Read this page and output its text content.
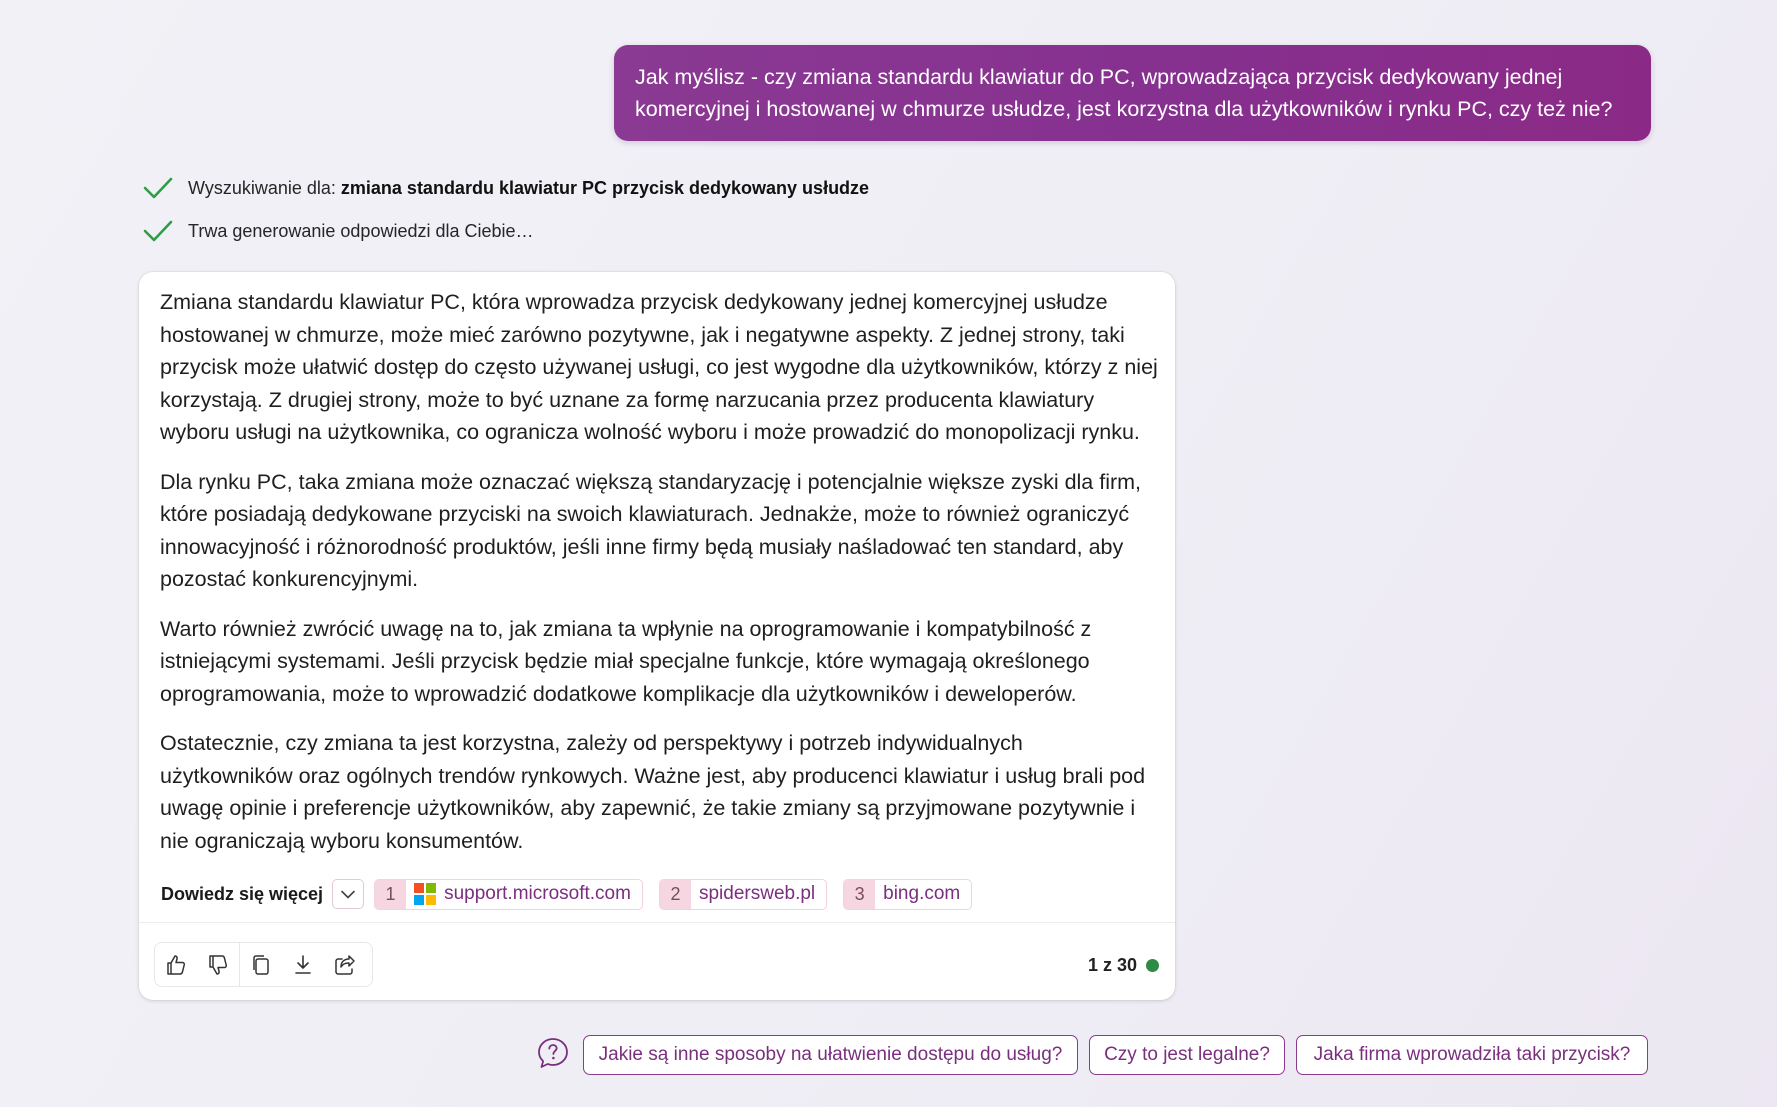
Jak myślisz - czy zmiana standardu klawiatur do PC, wprowadzająca przycisk dedykowany jednej komercyjnej i hostowanej w chmurze usłudze, jest korzystna dla użytkowników i rynku PC, czy też nie?
Wyszukiwanie dla: zmiana standardu klawiatur PC przycisk dedykowany usłudze
Trwa generowanie odpowiedzi dla Ciebie…

Zmiana standardu klawiatur PC, która wprowadza przycisk dedykowany jednej komercyjnej usłudze hostowanej w chmurze, może mieć zarówno pozytywne, jak i negatywne aspekty. Z jednej strony, taki przycisk może ułatwić dostęp do często używanej usługi, co jest wygodne dla użytkowników, którzy z niej korzystają. Z drugiej strony, może to być uznane za formę narzucania przez producenta klawiatury wyboru usługi na użytkownika, co ogranicza wolność wyboru i może prowadzić do monopolizacji rynku.

Dla rynku PC, taka zmiana może oznaczać większą standaryzację i potencjalnie większe zyski dla firm, które posiadają dedykowane przyciski na swoich klawiaturach. Jednakże, może to również ograniczyć innowacyjność i różnorodność produktów, jeśli inne firmy będą musiały naśladować ten standard, aby pozostać konkurencyjnymi.

Warto również zwrócić uwagę na to, jak zmiana ta wpłynie na oprogramowanie i kompatybilność z istniejącymi systemami. Jeśli przycisk będzie miał specjalne funkcje, które wymagają określonego oprogramowania, może to wprowadzić dodatkowe komplikacje dla użytkowników i deweloperów.

Ostatecznie, czy zmiana ta jest korzystna, zależy od perspektywy i potrzeb indywidualnych użytkowników oraz ogólnych trendów rynkowych. Ważne jest, aby producenci klawiatur i usług brali pod uwagę opinie i preferencje użytkowników, aby zapewnić, że takie zmiany są przyjmowane pozytywnie i nie ograniczają wyboru konsumentów.

Dowiedz się więcej	1	support.microsoft.com	2 spidersweb.pl	3 bing.com
1 z 30
Jakie są inne sposoby na ułatwienie dostępu do usług?	Czy to jest legalne?	Jaka firma wprowadziła taki przycisk?
